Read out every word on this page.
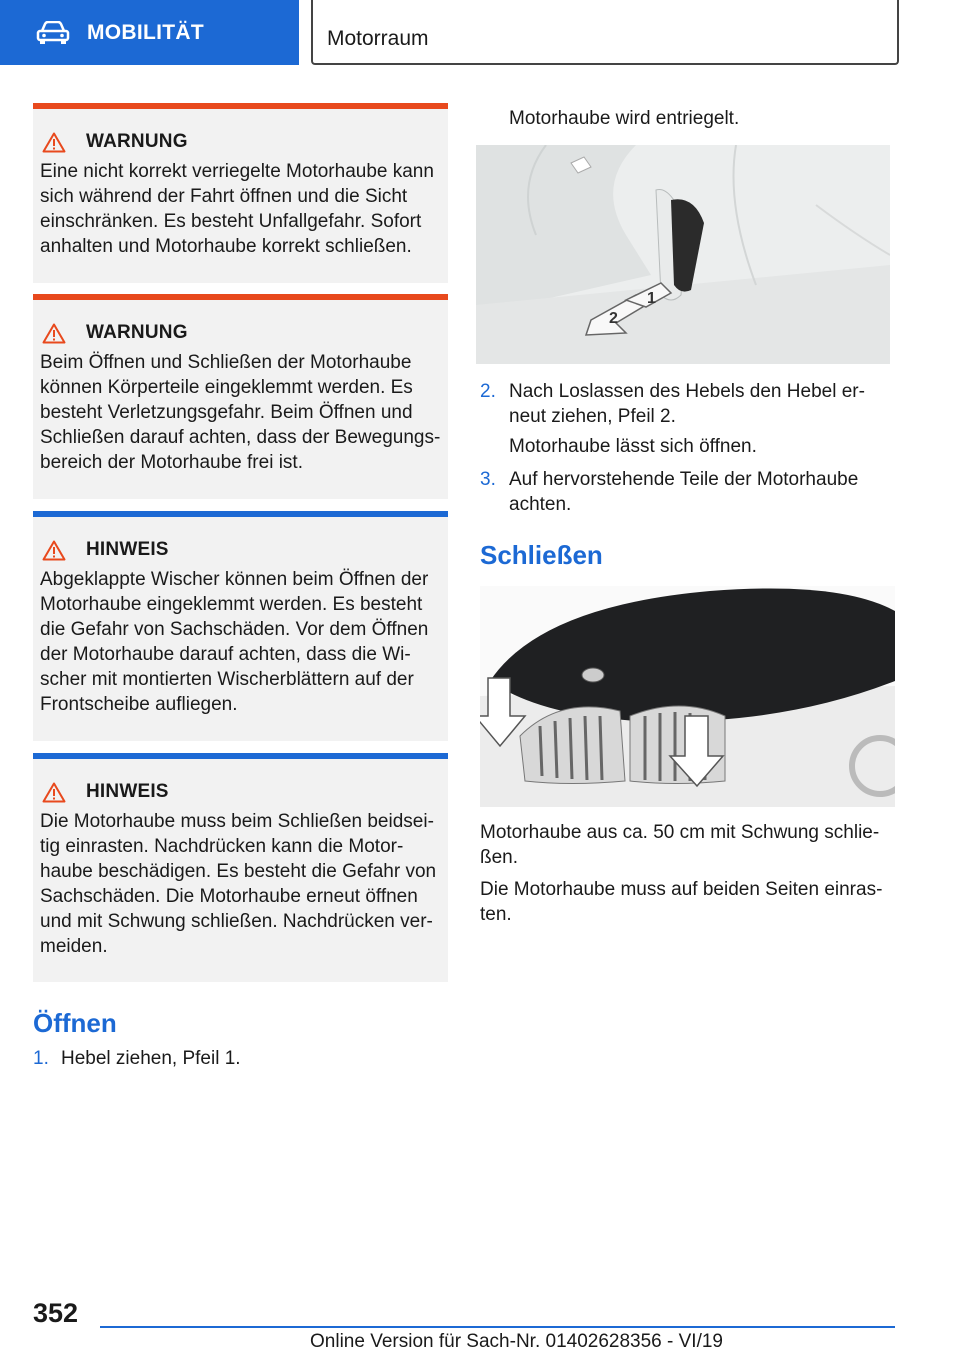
MOBILITÄT	Motorraum
WARNUNG

Eine nicht korrekt verriegelte Motorhaube kann
sich während der Fahrt öffnen und die Sicht
einschränken. Es besteht Unfallgefahr. Sofort
anhalten und Motorhaube korrekt schließen.

WARNUNG

Beim Öffnen und Schließen der Motorhaube
können Körperteile eingeklemmt werden. Es
besteht Verletzungsgefahr. Beim Öffnen und
Schließen darauf achten, dass der Bewegungs-
bereich der Motorhaube frei ist.

HINWEIS

Abgeklappte Wischer können beim Öffnen der
Motorhaube eingeklemmt werden. Es besteht
die Gefahr von Sachschäden. Vor dem Öffnen
der Motorhaube darauf achten, dass die Wi-
scher mit montierten Wischerblättern auf der
Frontscheibe aufliegen.

HINWEIS

Die Motorhaube muss beim Schließen beidsei-
tig einrasten. Nachdrücken kann die Motor-
haube beschädigen. Es besteht die Gefahr von
Sachschäden. Die Motorhaube erneut öffnen
und mit Schwung schließen. Nachdrücken ver-
meiden.

Öffnen
1. Hebel ziehen, Pfeil 1.
Motorhaube wird entriegelt.
2
1
2. Nach Loslassen des Hebels den Hebel er-
neut ziehen, Pfeil 2.
Motorhaube lässt sich öffnen.
3. Auf hervorstehende Teile der Motorhaube
achten.
Schließen
Motorhaube aus ca. 50 cm mit Schwung schlie-
ßen.
Die Motorhaube muss auf beiden Seiten einras-
ten.
352
Online Version für Sach-Nr. 01402628356 - VI/19
